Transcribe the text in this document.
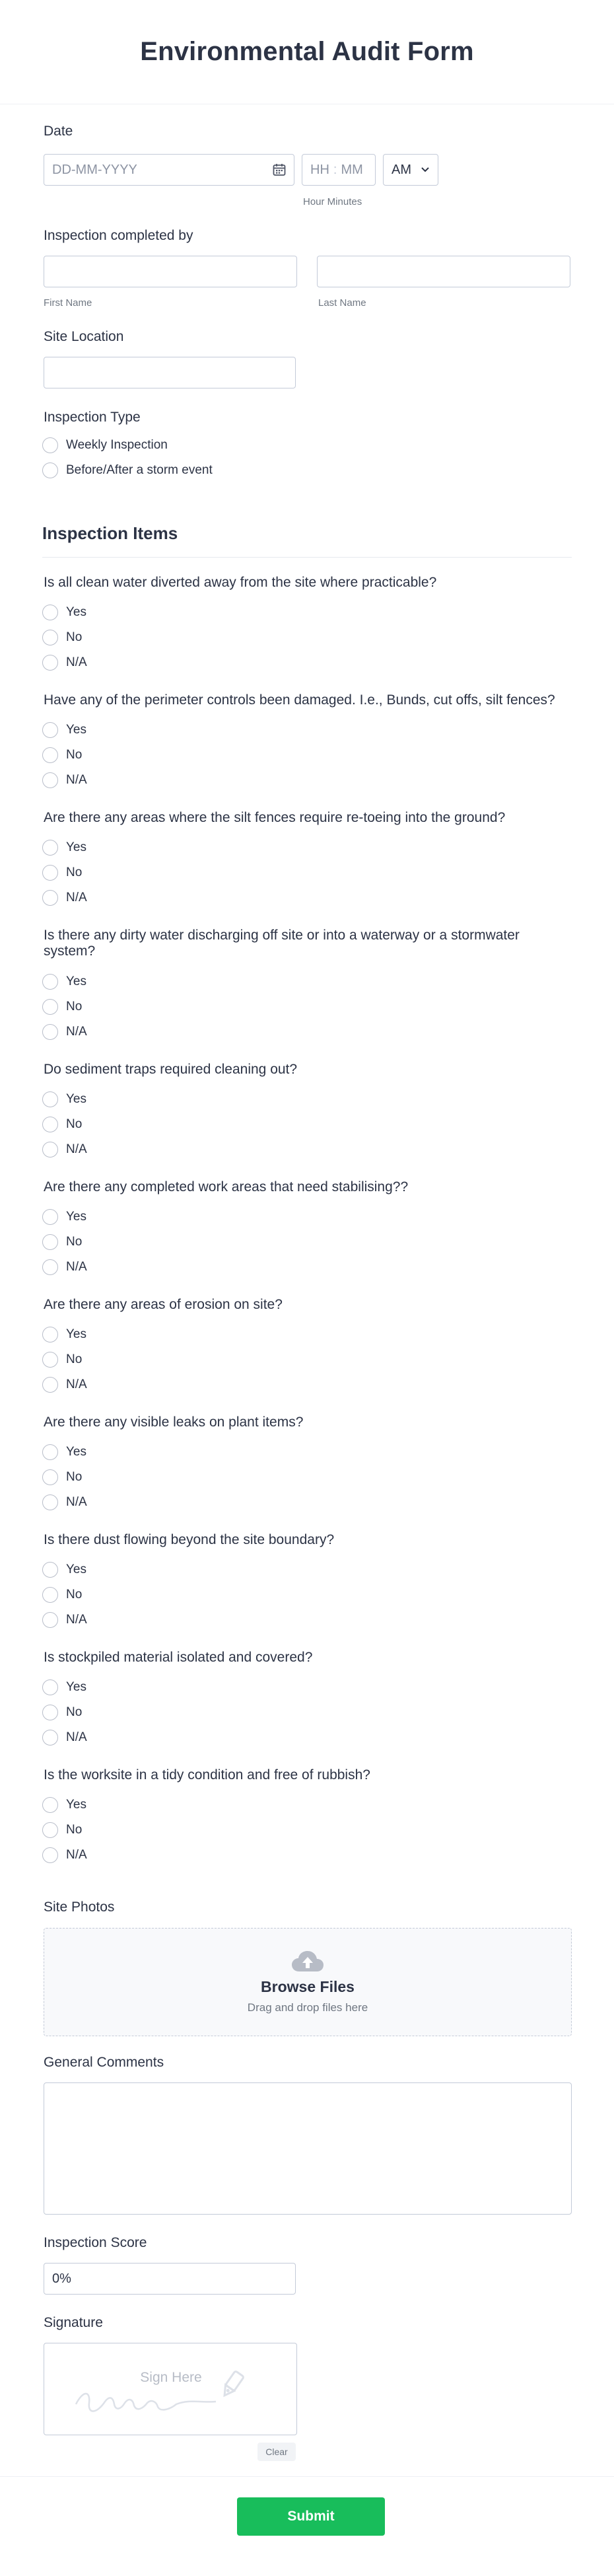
Environmental Audit Form
Date
DD-MM-YYYY	HH : MM AM
Hour Minutes
Inspection completed by
First Name	Last Name
Site Location
Inspection Type
Weekly Inspection
Before/After a storm event
Inspection Items
Is all clean water diverted away from the site where practicable?
Yes
No
N/A
Have any of the perimeter controls been damaged. I.e., Bunds, cut offs, silt fences?
Yes
No
N/A
Are there any areas where the silt fences require re-toeing into the ground?
Yes
No
N/A
Is there any dirty water discharging off site or into a waterway or a stormwater system?
Yes
No
N/A
Do sediment traps required cleaning out?
Yes
No
N/A
Are there any completed work areas that need stabilising??
Yes
No
N/A
Are there any areas of erosion on site?
Yes
No
N/A
Are there any visible leaks on plant items?
Yes
No
N/A
Is there dust flowing beyond the site boundary?
Yes
No
N/A
Is stockpiled material isolated and covered?
Yes
No
N/A
Is the worksite in a tidy condition and free of rubbish?
Yes
No
N/A
Site Photos
Browse Files
Drag and drop files here
General Comments
Inspection Score
0%
Signature
Sign Here
Clear
Submit
